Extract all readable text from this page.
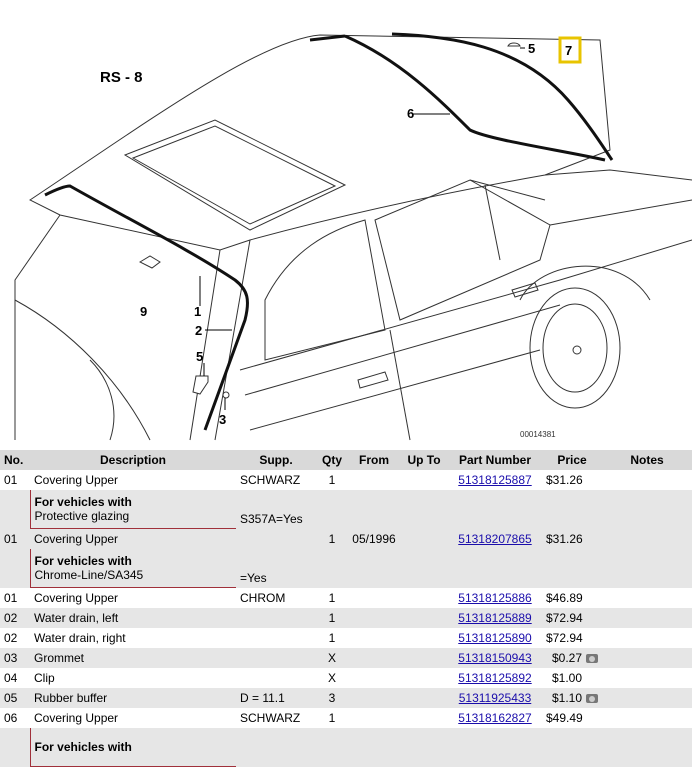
RS - 8
9	1
2
5
3
6
5 7
00014381
No.	Description	Supp.	Qty	From	Up To	Part Number	Price	Notes
01	Covering Upper	SCHWARZ	1			51318125887	$31.26	

	For vehicles with
Protective glazing	S357A=Yes						
01	Covering Upper		1	05/1996		51318207865	$31.26	

	For vehicles with
Chrome-Line/SA345	=Yes						
01	Covering Upper	CHROM	1			51318125886	$46.89	
02	Water drain, left		1			51318125889	$72.94	
02	Water drain, right		1			51318125890	$72.94	
03	Grommet		X			51318150943	$0.27	
04	Clip		X			51318125892	$1.00	
05	Rubber buffer	D = 11.1	3			51311925433	$1.10	
06	Covering Upper	SCHWARZ	1			51318162827	$49.49	

	For vehicles with							
